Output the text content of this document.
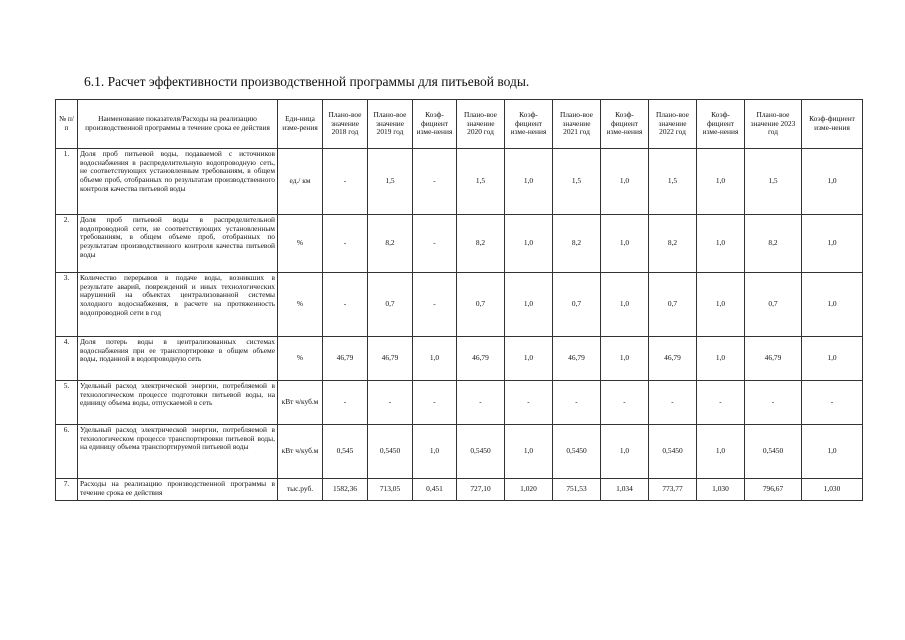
6.1. Расчет эффективности производственной программы для питьевой воды.
№ п/п	Наименование показателя/Расходы на реализацию производственной программы в течение срока ее действия	Еди-ница изме-рения	Плано-вое значение 2018 год	Плано-вое значение 2019 год	Коэф-фициент изме-нения	Плано-вое значение 2020 год	Коэф-фициент изме-нения	Плано-вое значение 2021 год	Коэф-фициент изме-нения	Плано-вое значение 2022 год	Коэф-фициент изме-нения	Плано-вое значение 2023 год	Коэф-фициент изме-нения
1.	Доля проб питьевой воды, подаваемой с источников водоснабжения в распределительную водопроводную сеть, не соответствующих установленным требованиям, в общем объеме проб, отобранных по результатам производственного контроля качества питьевой воды	ед./ км	-	1,5	-	1,5	1,0	1,5	1,0	1,5	1,0	1,5	1,0
2.	Доля проб питьевой воды в распределительной водопроводной сети, не соответствующих установленным требованиям, в общем объеме проб, отобранных по результатам производственного контроля качества питьевой воды	%	-	8,2	-	8,2	1,0	8,2	1,0	8,2	1,0	8,2	1,0
3.	Количество перерывов в подаче воды, возникших в результате аварий, повреждений и иных технологических нарушений на объектах централизованной системы холодного водоснабжения, в расчете на протяженность водопроводной сети в год	%	-	0,7	-	0,7	1,0	0,7	1,0	0,7	1,0	0,7	1,0
4.	Доля потерь воды в централизованных системах водоснабжения при ее транспортировке в общем объеме воды, поданной в водопроводную сеть	%	46,79	46,79	1,0	46,79	1,0	46,79	1,0	46,79	1,0	46,79	1,0
5.	Удельный расход электрической энергии, потребляемой в технологическом процессе подготовки питьевой воды, на единицу объема воды, отпускаемой в сеть	кВт ч/куб.м	-	-	-	-	-	-	-	-	-	-	-
6.	Удельный расход электрической энергии, потребляемой в технологическом процессе транспортировки питьевой воды, на единицу объема транспортируемой питьевой воды	кВт ч/куб.м	0,545	0,5450	1,0	0,5450	1,0	0,5450	1,0	0,5450	1,0	0,5450	1,0
7.	Расходы на реализацию производственной программы в течение срока ее действия	тыс.руб.	1582,36	713,05	0,451	727,10	1,020	751,53	1,034	773,77	1,030	796,67	1,030
